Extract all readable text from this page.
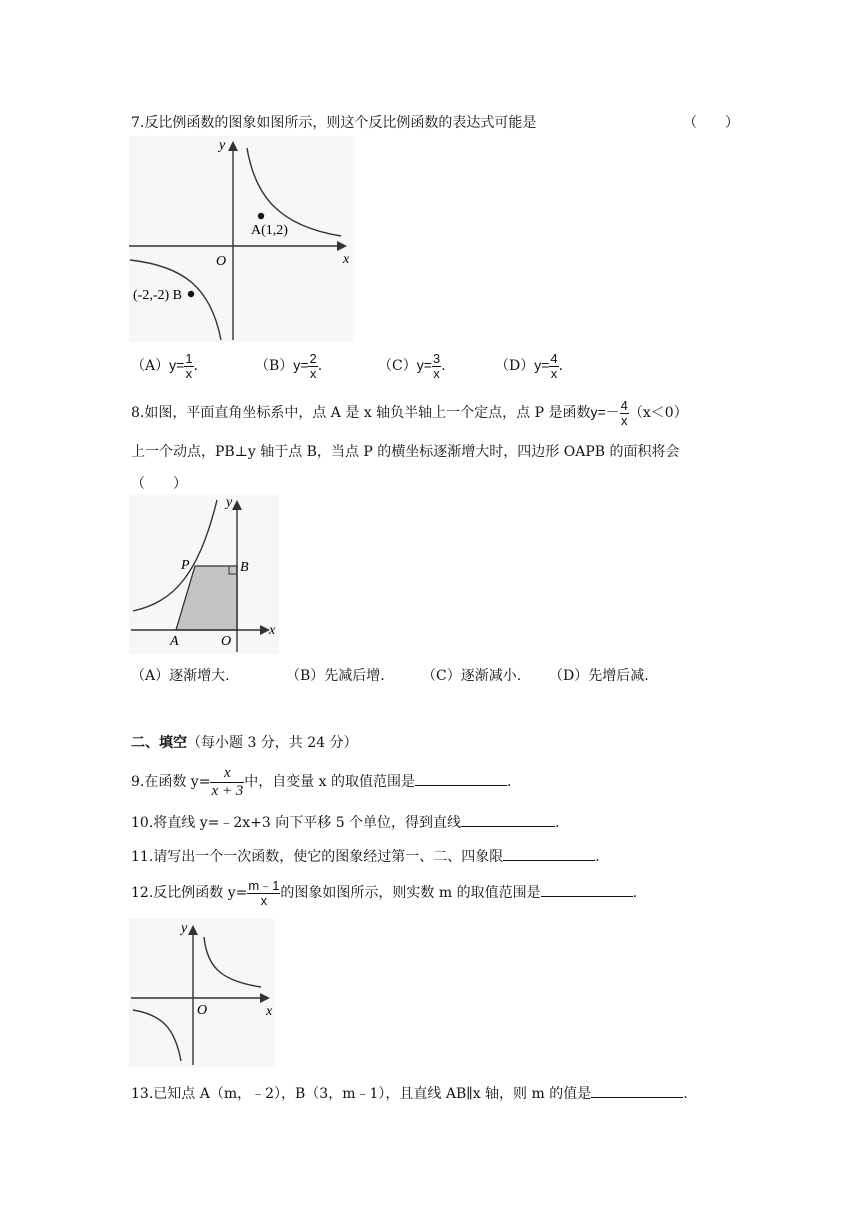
7.反比例函数的图象如图所示，则这个反比例函数的表达式可能是	（　　）
y
x
O
A(1,2)
(-2,-2) B
$(A)y= \frac{1}{x}$ .	$(B)y= \frac{2}{x}$ .	$(C)y= \frac{3}{x}$ .	$(D)y= \frac{4}{x}$ .
8.如图，平面直角坐标系中，点 A 是 x 轴负半轴上一个定点，点 P 是函数$y=- \frac{4}{x} (x<0)$
上一个动点，PB⊥y 轴于点 B，当点 P 的横坐标逐渐增大时，四边形 OAPB 的面积将会
（　　）
y
x
P	B
A	O
（A）逐渐增大.	（B）先减后增.	（C）逐渐减小. （D）先增后减.
二、填空（每小题 3 分，共 24 分）
9.在函数 $y= \frac{x}{x + 3}$ 中，自变量 x 的取值范围是	.
10.将直线 y=﹣2x+3 向下平移 5 个单位，得到直线	.
11.请写出一个一次函数，使它的图象经过第一、二、四象限	.
12.反比例函数 $y= \frac{m﹣1}{x}$ 的图象如图所示，则实数 m 的取值范围是	.
y
x
O
13.已知点 A（m，﹣2），B（3，m﹣1），且直线 AB∥x 轴，则 m 的值是	.
